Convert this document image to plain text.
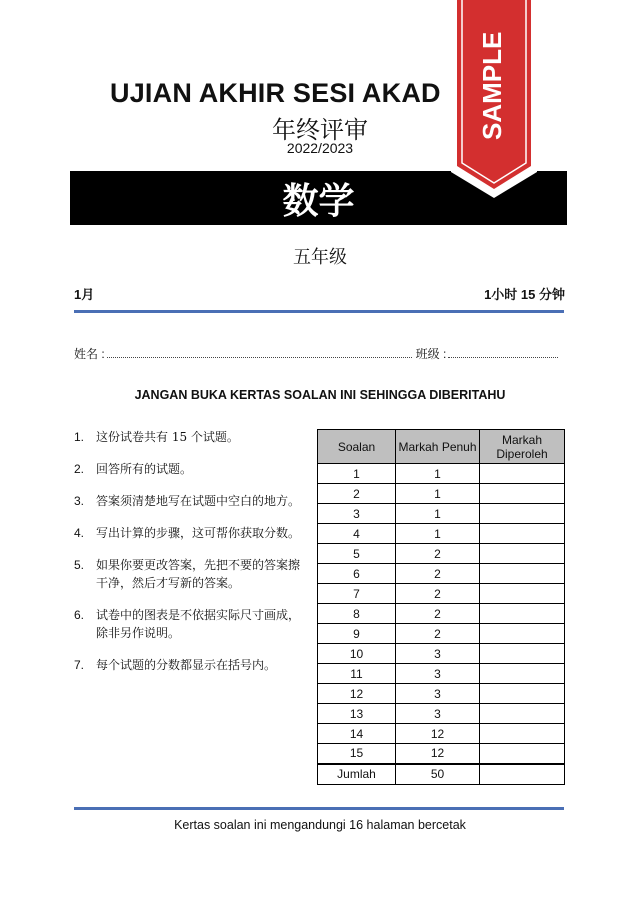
UJIAN AKHIR SESI AKAD
年终评审
2022/2023
数学
五年级
1月	1小时 15 分钟
姓名 :	班级 :
JANGAN BUKA KERTAS SOALAN INI SEHINGGA DIBERITAHU
1. 这份试卷共有 15 个试题。
2. 回答所有的试题。
3. 答案须清楚地写在试题中空白的地方。
4. 写出计算的步骤，这可帮你获取分数。
5. 如果你要更改答案，先把不要的答案擦干净，然后才写新的答案。
6. 试卷中的图表是不依据实际尺寸画成，除非另作说明。
7. 每个试题的分数都显示在括号内。
Soalan	Markah Penuh	Markah Diperoleh
1	1	
2	1	
3	1	
4	1	
5	2	
6	2	
7	2	
8	2	
9	2	
10	3	
11	3	
12	3	
13	3	
14	12	
15	12	
Jumlah	50	
Kertas soalan ini mengandungi 16 halaman bercetak
SAMPLE
